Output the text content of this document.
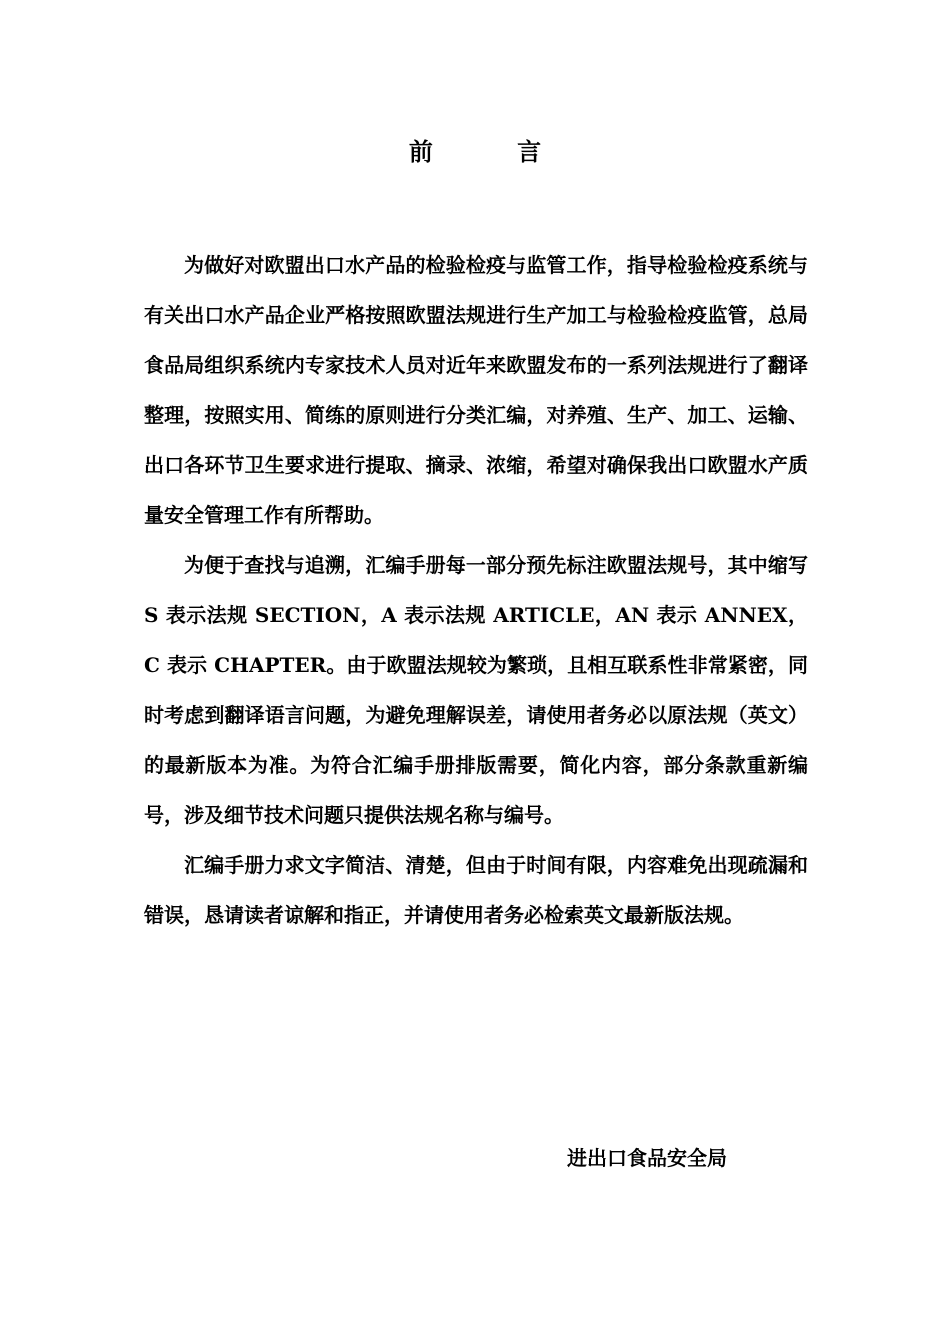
前 言

为做好对欧盟出口水产品的检验检疫与监管工作，指导检验检疫系统与有关出口水产品企业严格按照欧盟法规进行生产加工与检验检疫监管，总局食品局组织系统内专家技术人员对近年来欧盟发布的一系列法规进行了翻译整理，按照实用、简练的原则进行分类汇编，对养殖、生产、加工、运输、出口各环节卫生要求进行提取、摘录、浓缩，希望对确保我出口欧盟水产质量安全管理工作有所帮助。

为便于查找与追溯，汇编手册每一部分预先标注欧盟法规号，其中缩写 S 表示法规 SECTION，A 表示法规 ARTICLE，AN 表示 ANNEX，C 表示 CHAPTER。由于欧盟法规较为繁琐，且相互联系性非常紧密，同时考虑到翻译语言问题，为避免理解误差，请使用者务必以原法规（英文）的最新版本为准。为符合汇编手册排版需要，简化内容，部分条款重新编号，涉及细节技术问题只提供法规名称与编号。

汇编手册力求文字简洁、清楚，但由于时间有限，内容难免出现疏漏和错误，恳请读者谅解和指正，并请使用者务必检索英文最新版法规。

进出口食品安全局
